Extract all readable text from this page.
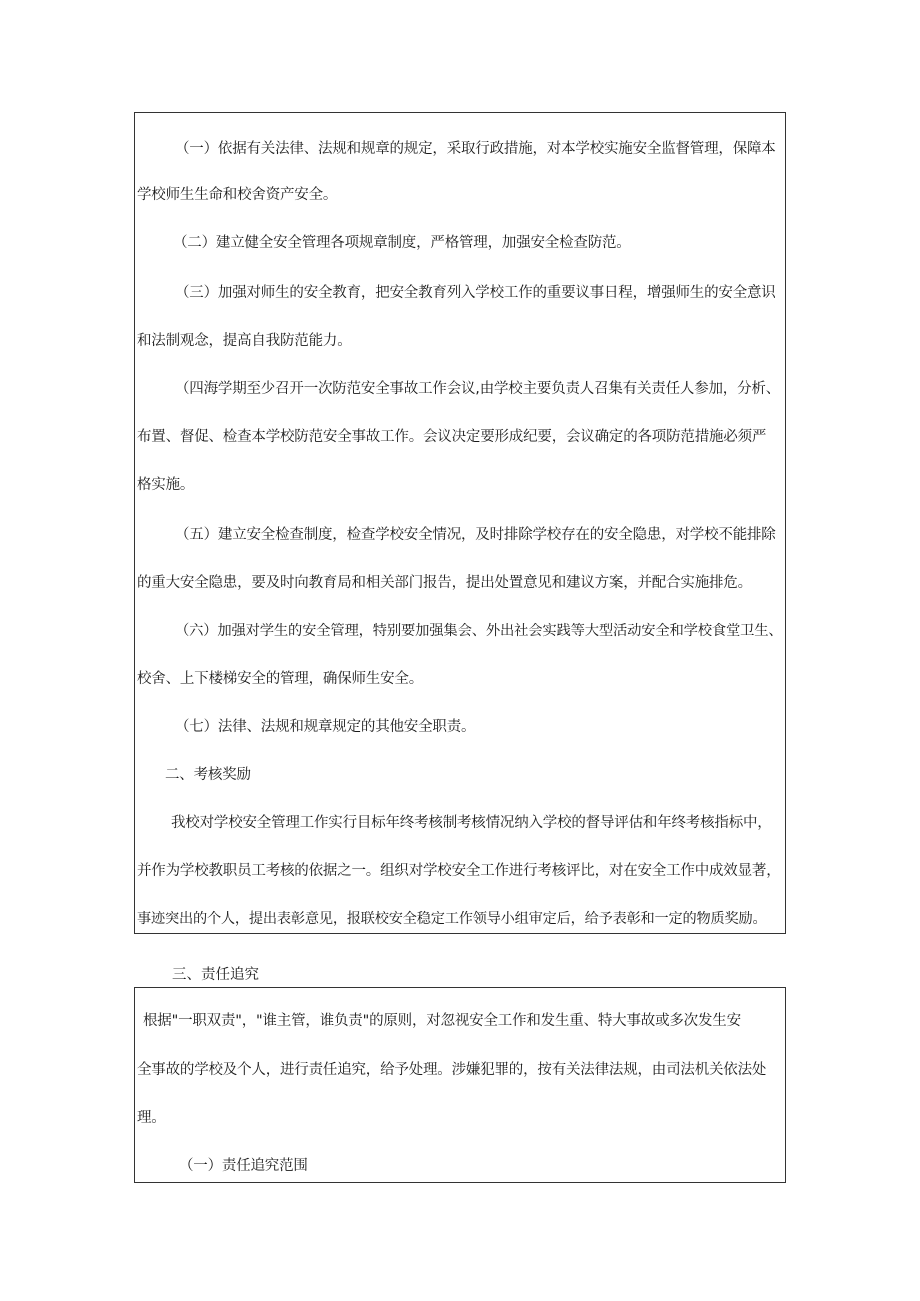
（一）依据有关法律、法规和规章的规定，采取行政措施，对本学校实施安全监督管理，保障本
学校师生生命和校舍资产安全。
（二）建立健全安全管理各项规章制度，严格管理，加强安全检查防范。
（三）加强对师生的安全教育，把安全教育列入学校工作的重要议事日程，增强师生的安全意识
和法制观念，提高自我防范能力。
（四海学期至少召开一次防范安全事故工作会议,由学校主要负责人召集有关责任人参加，分析、
布置、督促、检查本学校防范安全事故工作。会议决定要形成纪要，会议确定的各项防范措施必须严
格实施。
（五）建立安全检查制度，检查学校安全情况，及时排除学校存在的安全隐患，对学校不能排除
的重大安全隐患，要及时向教育局和相关部门报告，提出处置意见和建议方案，并配合实施排危。
（六）加强对学生的安全管理，特别要加强集会、外出社会实践等大型活动安全和学校食堂卫生、
校舍、上下楼梯安全的管理，确保师生安全。
（七）法律、法规和规章规定的其他安全职责。
二、考核奖励
我校对学校安全管理工作实行目标年终考核制考核情况纳入学校的督导评估和年终考核指标中，
并作为学校教职员工考核的依据之一。组织对学校安全工作进行考核评比，对在安全工作中成效显著，
事迹突出的个人，提出表彰意见，报联校安全稳定工作领导小组审定后，给予表彰和一定的物质奖励。
三、责任追究
根据"一职双责"，"谁主管，谁负责"的原则，对忽视安全工作和发生重、特大事故或多次发生安
全事故的学校及个人，进行责任追究，给予处理。涉嫌犯罪的，按有关法律法规，由司法机关依法处
理。
（一）责任追究范围
